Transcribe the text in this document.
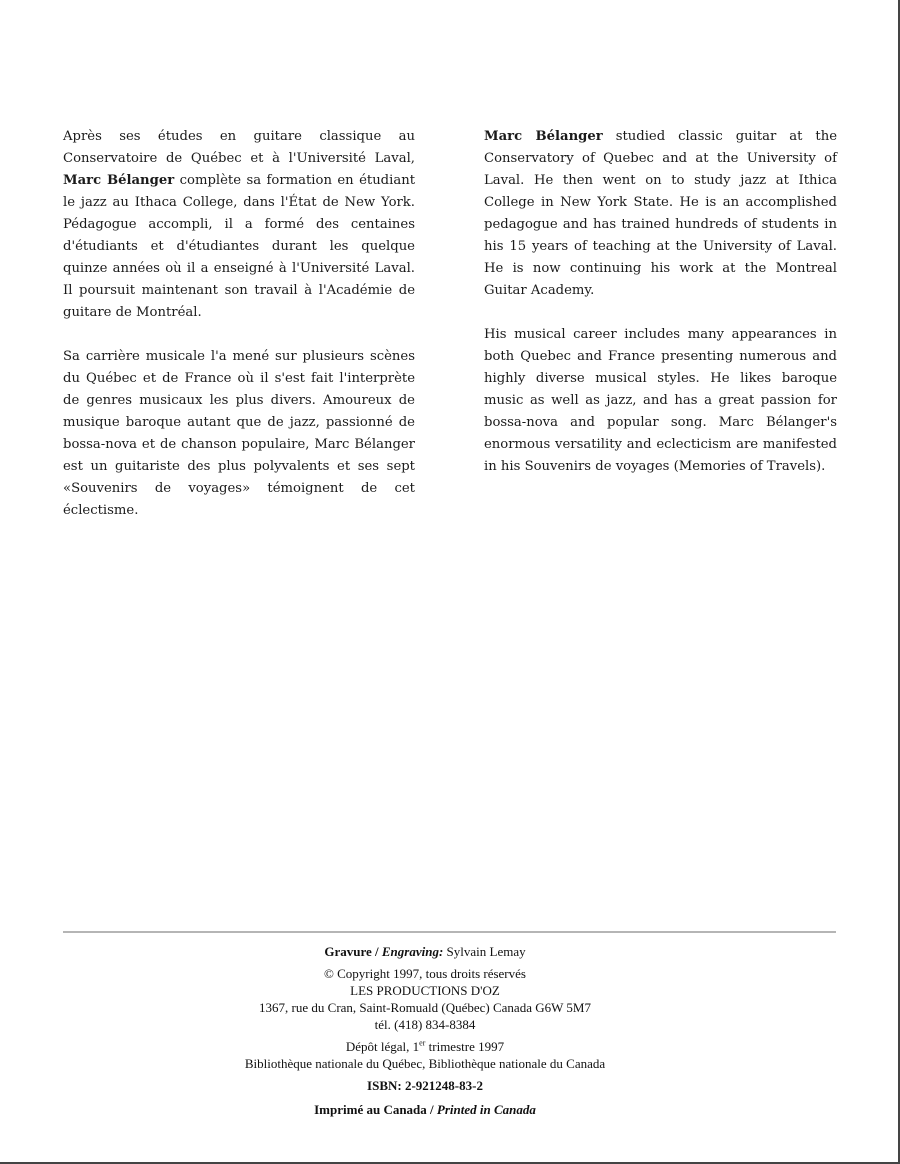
Après ses études en guitare classique au Conservatoire de Québec et à l'Université Laval, Marc Bélanger complète sa formation en étudiant le jazz au Ithaca College, dans l'État de New York. Pédagogue accompli, il a formé des centaines d'étudiants et d'étudiantes durant les quelque quinze années où il a enseigné à l'Université Laval. Il poursuit maintenant son travail à l'Académie de guitare de Montréal.

Sa carrière musicale l'a mené sur plusieurs scènes du Québec et de France où il s'est fait l'interprète de genres musicaux les plus divers. Amoureux de musique baroque autant que de jazz, passionné de bossa-nova et de chanson populaire, Marc Bélanger est un guitariste des plus polyvalents et ses sept «Souvenirs de voyages» témoignent de cet éclectisme.

Marc Bélanger studied classic guitar at the Conservatory of Quebec and at the University of Laval. He then went on to study jazz at Ithica College in New York State. He is an accomplished pedagogue and has trained hundreds of students in his 15 years of teaching at the University of Laval. He is now continuing his work at the Montreal Guitar Academy.

His musical career includes many appearances in both Quebec and France presenting numerous and highly diverse musical styles. He likes baroque music as well as jazz, and has a great passion for bossa-nova and popular song. Marc Bélanger's enormous versatility and eclecticism are manifested in his Souvenirs de voyages (Memories of Travels).

Gravure / Engraving: Sylvain Lemay
© Copyright 1997, tous droits réservés
LES PRODUCTIONS D'OZ
1367, rue du Cran, Saint-Romuald (Québec) Canada G6W 5M7
tél. (418) 834-8384
Dépôt légal, 1er trimestre 1997
Bibliothèque nationale du Québec, Bibliothèque nationale du Canada
ISBN: 2-921248-83-2
Imprimé au Canada / Printed in Canada
